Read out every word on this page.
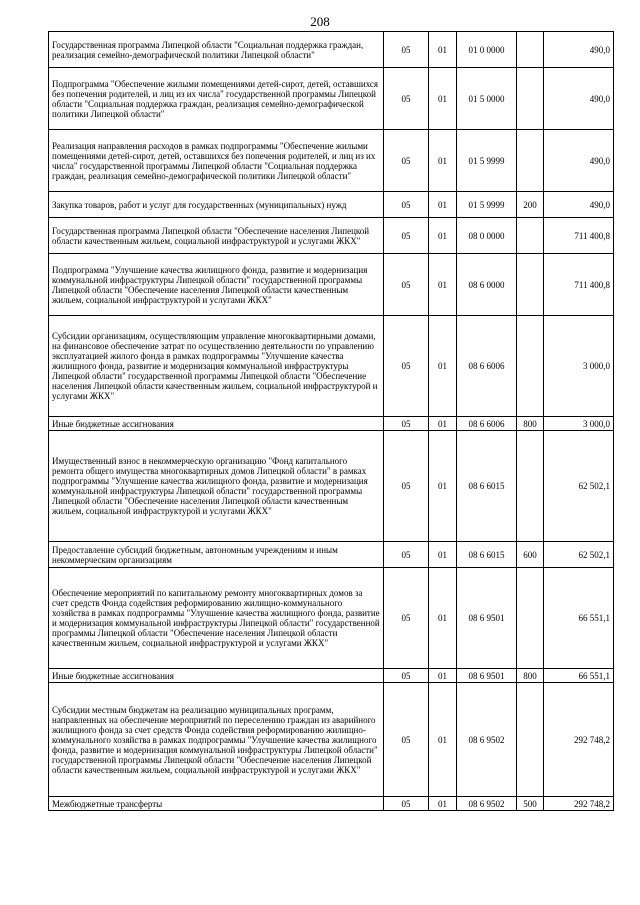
208
Государственная программа Липецкой области "Социальная поддержка граждан, реализация семейно-демографической политики Липецкой области"	05	01	01 0 0000		490,0
Подпрограмма "Обеспечение жилыми помещениями детей-сирот, детей, оставшихся без попечения родителей, и лиц из их числа" государственной программы Липецкой области "Социальная поддержка граждан, реализация семейно-демографической политики Липецкой области"	05	01	01 5 0000		490,0
Реализация направления расходов в рамках подпрограммы "Обеспечение жилыми помещениями детей-сирот, детей, оставшихся без попечения родителей, и лиц из их числа" государственной программы Липецкой области "Социальная поддержка граждан, реализация семейно-демографической политики Липецкой области"	05	01	01 5 9999		490,0
Закупка товаров, работ и услуг для государственных (муниципальных) нужд	05	01	01 5 9999	200	490,0
Государственная программа Липецкой области "Обеспечение населения Липецкой области качественным жильем, социальной инфраструктурой и услугами ЖКХ"	05	01	08 0 0000		711 400,8
Подпрограмма "Улучшение качества жилищного фонда, развитие и модернизация коммунальной инфраструктуры Липецкой области" государственной программы Липецкой области "Обеспечение населения Липецкой области качественным жильем, социальной инфраструктурой и услугами ЖКХ"	05	01	08 6 0000		711 400,8
Субсидии организациям, осуществляющим управление многоквартирными домами, на финансовое обеспечение затрат по осуществлению деятельности по управлению эксплуатацией жилого фонда в рамках подпрограммы "Улучшение качества жилищного фонда, развитие и модернизация коммунальной инфраструктуры Липецкой области" государственной программы Липецкой области "Обеспечение населения Липецкой области качественным жильем, социальной инфраструктурой и услугами ЖКХ"	05	01	08 6 6006		3 000,0
Иные бюджетные ассигнования	05	01	08 6 6006	800	3 000,0
Имущественный взнос в некоммерческую организацию "Фонд капитального ремонта общего имущества многоквартирных домов Липецкой области" в рамках подпрограммы "Улучшение качества жилищного фонда, развитие и модернизация коммунальной инфраструктуры Липецкой области" государственной программы Липецкой области "Обеспечение населения Липецкой области качественным жильем, социальной инфраструктурой и услугами ЖКХ"	05	01	08 6 6015		62 502,1
Предоставление субсидий бюджетным, автономным учреждениям и иным некоммерческим организациям	05	01	08 6 6015	600	62 502,1
Обеспечение мероприятий по капитальному ремонту многоквартирных домов за счет средств Фонда содействия реформированию жилищно-коммунального хозяйства в рамках подпрограммы "Улучшение качества жилищного фонда, развитие и модернизация коммунальной инфраструктуры Липецкой области" государственной программы Липецкой области "Обеспечение населения Липецкой области качественным жильем, социальной инфраструктурой и услугами ЖКХ"	05	01	08 6 9501		66 551,1
Иные бюджетные ассигнования	05	01	08 6 9501	800	66 551,1
Субсидии местным бюджетам на реализацию муниципальных программ, направленных на обеспечение мероприятий по переселению граждан из аварийного жилищного фонда за счет средств Фонда содействия реформированию жилищно-коммунального хозяйства в рамках подпрограммы "Улучшение качества жилищного фонда, развитие и модернизация коммунальной инфраструктуры Липецкой области" государственной программы Липецкой области "Обеспечение населения Липецкой области качественным жильем, социальной инфраструктурой и услугами ЖКХ"	05	01	08 6 9502		292 748,2
Межбюджетные трансферты	05	01	08 6 9502	500	292 748,2
